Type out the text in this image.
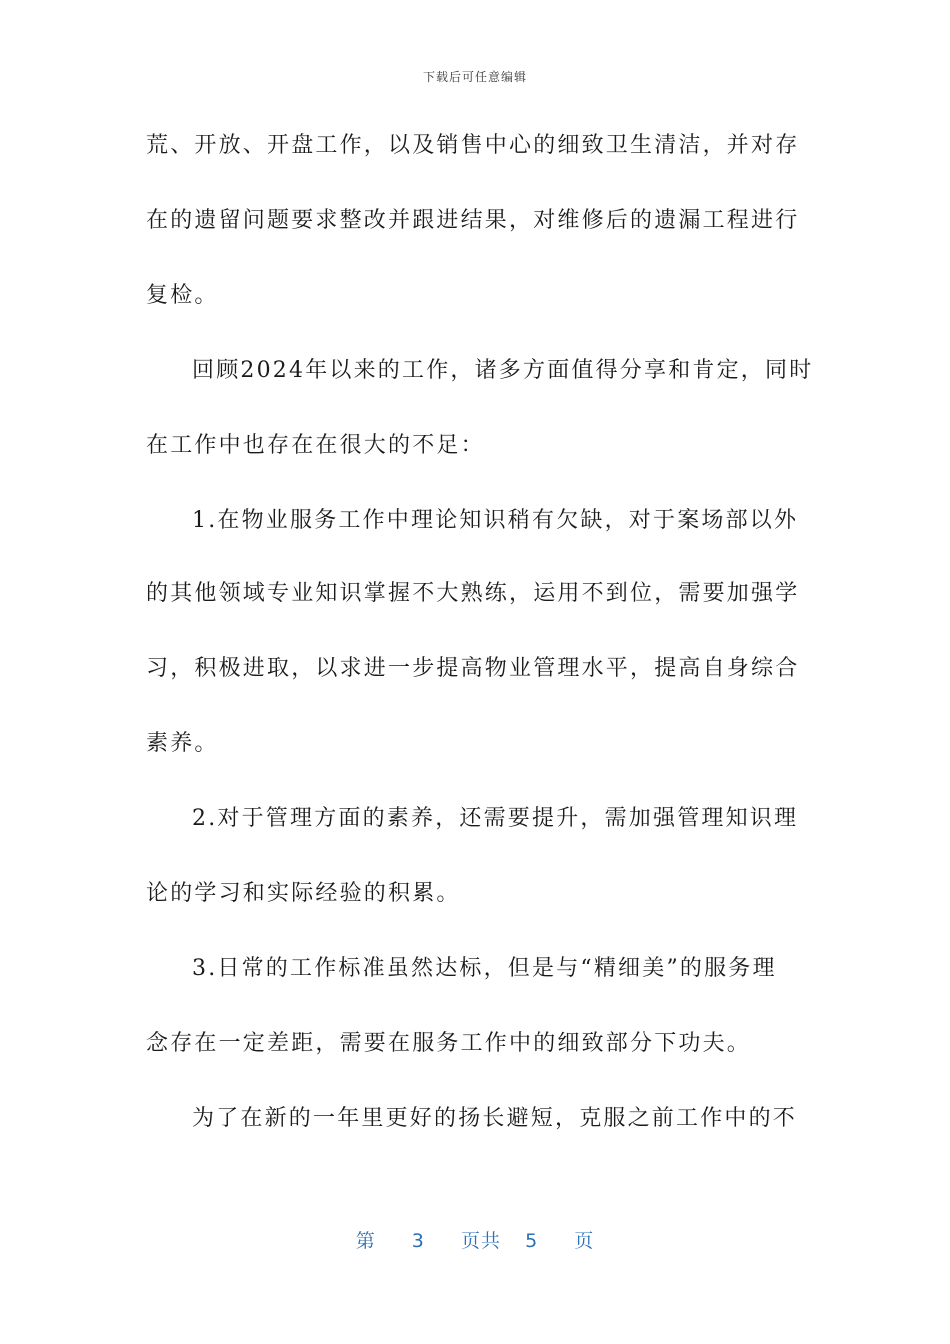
下载后可任意编辑
荒、开放、开盘工作，以及销售中心的细致卫生清洁，并对存
在的遗留问题要求整改并跟进结果，对维修后的遗漏工程进行
复检。
回顾2024年以来的工作，诸多方面值得分享和肯定，同时
在工作中也存在在很大的不足：
1.在物业服务工作中理论知识稍有欠缺，对于案场部以外
的其他领域专业知识掌握不大熟练，运用不到位，需要加强学
习，积极进取，以求进一步提高物业管理水平，提高自身综合
素养。
2.对于管理方面的素养，还需要提升，需加强管理知识理
论的学习和实际经验的积累。
3.日常的工作标准虽然达标，但是与“精细美”的服务理
念存在一定差距，需要在服务工作中的细致部分下功夫。
为了在新的一年里更好的扬长避短，克服之前工作中的不
第 3 页共 5 页
